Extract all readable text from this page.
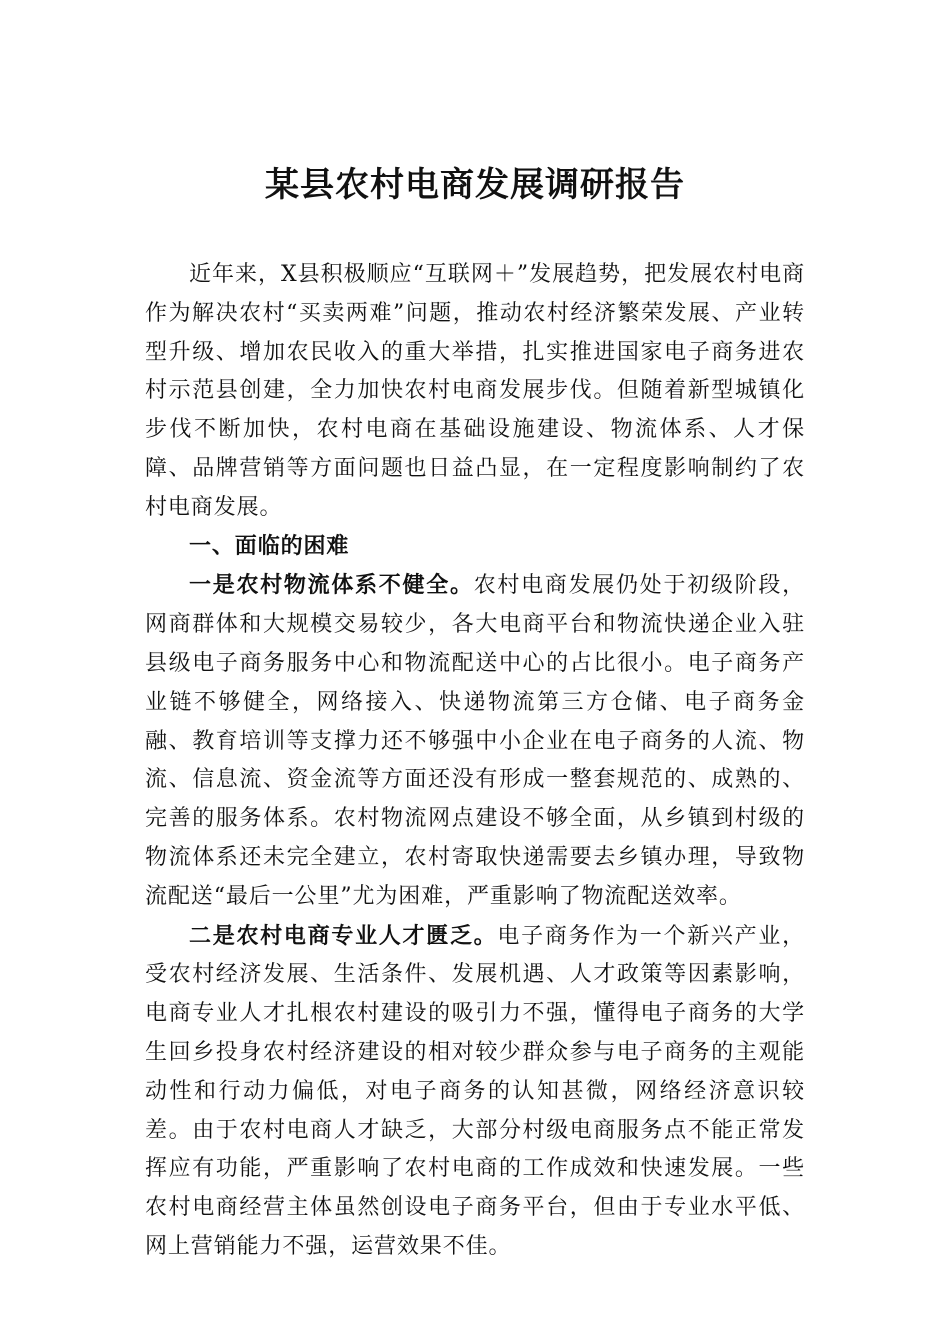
某县农村电商发展调研报告

近年来，X县积极顺应“互联网＋”发展趋势，把发展农村电商作为解决农村“买卖两难”问题，推动农村经济繁荣发展、产业转型升级、增加农民收入的重大举措，扎实推进国家电子商务进农村示范县创建，全力加快农村电商发展步伐。但随着新型城镇化步伐不断加快，农村电商在基础设施建设、物流体系、人才保障、品牌营销等方面问题也日益凸显，在一定程度影响制约了农村电商发展。

一、面临的困难

一是农村物流体系不健全。农村电商发展仍处于初级阶段，网商群体和大规模交易较少，各大电商平台和物流快递企业入驻县级电子商务服务中心和物流配送中心的占比很小。电子商务产业链不够健全，网络接入、快递物流第三方仓储、电子商务金融、教育培训等支撑力还不够强中小企业在电子商务的人流、物流、信息流、资金流等方面还没有形成一整套规范的、成熟的、完善的服务体系。农村物流网点建设不够全面，从乡镇到村级的物流体系还未完全建立，农村寄取快递需要去乡镇办理，导致物流配送“最后一公里”尤为困难，严重影响了物流配送效率。

二是农村电商专业人才匮乏。电子商务作为一个新兴产业，受农村经济发展、生活条件、发展机遇、人才政策等因素影响，电商专业人才扎根农村建设的吸引力不强，懂得电子商务的大学生回乡投身农村经济建设的相对较少群众参与电子商务的主观能动性和行动力偏低，对电子商务的认知甚微，网络经济意识较差。由于农村电商人才缺乏，大部分村级电商服务点不能正常发挥应有功能，严重影响了农村电商的工作成效和快速发展。一些农村电商经营主体虽然创设电子商务平台，但由于专业水平低、网上营销能力不强，运营效果不佳。
